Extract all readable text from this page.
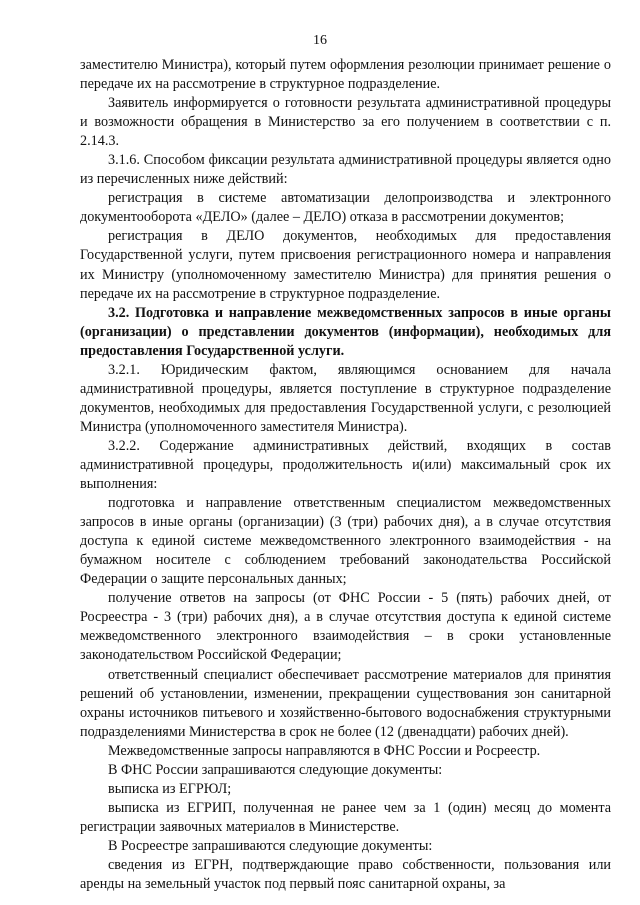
16

заместителю Министра), который путем оформления резолюции принимает решение о передаче их на рассмотрение в структурное подразделение.

Заявитель информируется о готовности результата административной процедуры и возможности обращения в Министерство за его получением в соответствии с п. 2.14.3.

3.1.6. Способом фиксации результата административной процедуры является одно из перечисленных ниже действий:

регистрация в системе автоматизации делопроизводства и электронного документооборота «ДЕЛО» (далее – ДЕЛО) отказа в рассмотрении документов;

регистрация в ДЕЛО документов, необходимых для предоставления Государственной услуги, путем присвоения регистрационного номера и направления их Министру (уполномоченному заместителю Министра) для принятия решения о передаче их на рассмотрение в структурное подразделение.

3.2. Подготовка и направление межведомственных запросов в иные органы (организации) о представлении документов (информации), необходимых для предоставления Государственной услуги.

3.2.1. Юридическим фактом, являющимся основанием для начала административной процедуры, является поступление в структурное подразделение документов, необходимых для предоставления Государственной услуги, с резолюцией Министра (уполномоченного заместителя Министра).

3.2.2. Содержание административных действий, входящих в состав административной процедуры, продолжительность и(или) максимальный срок их выполнения:

подготовка и направление ответственным специалистом межведомственных запросов в иные органы (организации) (3 (три) рабочих дня), а в случае отсутствия доступа к единой системе межведомственного электронного взаимодействия - на бумажном носителе с соблюдением требований законодательства Российской Федерации о защите персональных данных;

получение ответов на запросы (от ФНС России - 5 (пять) рабочих дней, от Росреестра - 3 (три) рабочих дня), а в случае отсутствия доступа к единой системе межведомственного электронного взаимодействия – в сроки установленные законодательством Российской Федерации;

ответственный специалист обеспечивает рассмотрение материалов для принятия решений об установлении, изменении, прекращении существования зон санитарной охраны источников питьевого и хозяйственно-бытового водоснабжения структурными подразделениями Министерства в срок не более (12 (двенадцати) рабочих дней).

Межведомственные запросы направляются в ФНС России и Росреестр.

В ФНС России запрашиваются следующие документы:

выписка из ЕГРЮЛ;

выписка из ЕГРИП, полученная не ранее чем за 1 (один) месяц до момента регистрации заявочных материалов в Министерстве.

В Росреестре запрашиваются следующие документы:

сведения из ЕГРН, подтверждающие право собственности, пользования или аренды на земельный участок под первый пояс санитарной охраны, за
